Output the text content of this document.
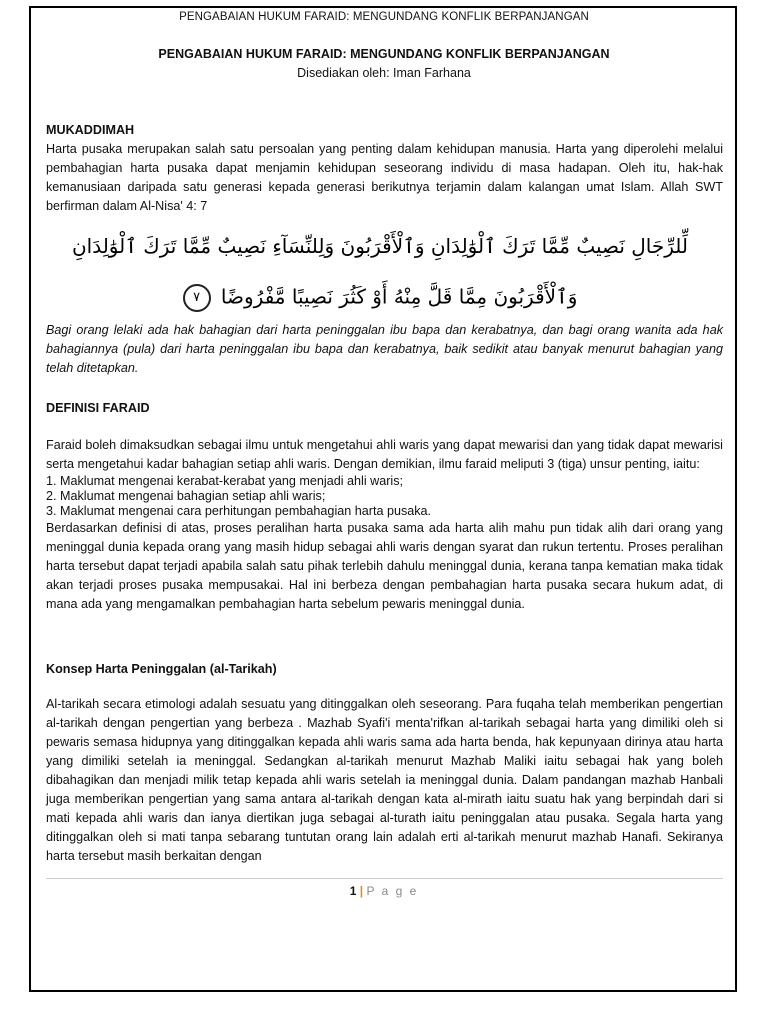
PENGABAIAN HUKUM FARAID: MENGUNDANG KONFLIK BERPANJANGAN
PENGABAIAN HUKUM FARAID: MENGUNDANG KONFLIK BERPANJANGAN
Disediakan oleh: Iman Farhana
MUKADDIMAH

Harta pusaka merupakan salah satu persoalan yang penting dalam kehidupan manusia. Harta yang diperolehi melalui pembahagian harta pusaka dapat menjamin kehidupan seseorang individu di masa hadapan. Oleh itu, hak-hak kemanusiaan daripada satu generasi kepada generasi berikutnya terjamin dalam kalangan umat Islam. Allah SWT berfirman dalam Al-Nisa' 4: 7

لِّلرِّجَالِ نَصِيبٌ مِّمَّا تَرَكَ ٱلْوَٰلِدَانِ وَٱلْأَقْرَبُونَ وَلِلنِّسَآءِ نَصِيبٌ مِّمَّا تَرَكَ ٱلْوَٰلِدَانِ
وَٱلْأَقْرَبُونَ مِمَّا قَلَّ مِنْهُ أَوْ كَثُرَ نَصِيبًا مَّفْرُوضًا ٧

Bagi orang lelaki ada hak bahagian dari harta peninggalan ibu bapa dan kerabatnya, dan bagi orang wanita ada hak bahagiannya (pula) dari harta peninggalan ibu bapa dan kerabatnya, baik sedikit atau banyak menurut bahagian yang telah ditetapkan.

DEFINISI FARAID

Faraid boleh dimaksudkan sebagai ilmu untuk mengetahui ahli waris yang dapat mewarisi dan yang tidak dapat mewarisi serta mengetahui kadar bahagian setiap ahli waris. Dengan demikian, ilmu faraid meliputi 3 (tiga) unsur penting, iaitu:

1. Maklumat mengenai kerabat-kerabat yang menjadi ahli waris;
2. Maklumat mengenai bahagian setiap ahli waris;
3. Maklumat mengenai cara perhitungan pembahagian harta pusaka.

Berdasarkan definisi di atas, proses peralihan harta pusaka sama ada harta alih mahu pun tidak alih dari orang yang meninggal dunia kepada orang yang masih hidup sebagai ahli waris dengan syarat dan rukun tertentu. Proses peralihan harta tersebut dapat terjadi apabila salah satu pihak terlebih dahulu meninggal dunia, kerana tanpa kematian maka tidak akan terjadi proses pusaka mempusakai. Hal ini berbeza dengan pembahagian harta pusaka secara hukum adat, di mana ada yang mengamalkan pembahagian harta sebelum pewaris meninggal dunia.

Konsep Harta Peninggalan (al-Tarikah)

Al-tarikah secara etimologi adalah sesuatu yang ditinggalkan oleh seseorang. Para fuqaha telah memberikan pengertian al-tarikah dengan pengertian yang berbeza . Mazhab Syafi'i menta'rifkan al-tarikah sebagai harta yang dimiliki oleh si pewaris semasa hidupnya yang ditinggalkan kepada ahli waris sama ada harta benda, hak kepunyaan dirinya atau harta yang dimiliki setelah ia meninggal. Sedangkan al-tarikah menurut Mazhab Maliki iaitu sebagai hak yang boleh dibahagikan dan menjadi milik tetap kepada ahli waris setelah ia meninggal dunia. Dalam pandangan mazhab Hanbali juga memberikan pengertian yang sama antara al-tarikah dengan kata al-mirath iaitu suatu hak yang berpindah dari si mati kepada ahli waris dan ianya diertikan juga sebagai al-turath iaitu peninggalan atau pusaka. Segala harta yang ditinggalkan oleh si mati tanpa sebarang tuntutan orang lain adalah erti al-tarikah menurut mazhab Hanafi. Sekiranya harta tersebut masih berkaitan dengan

1 | P a g e
